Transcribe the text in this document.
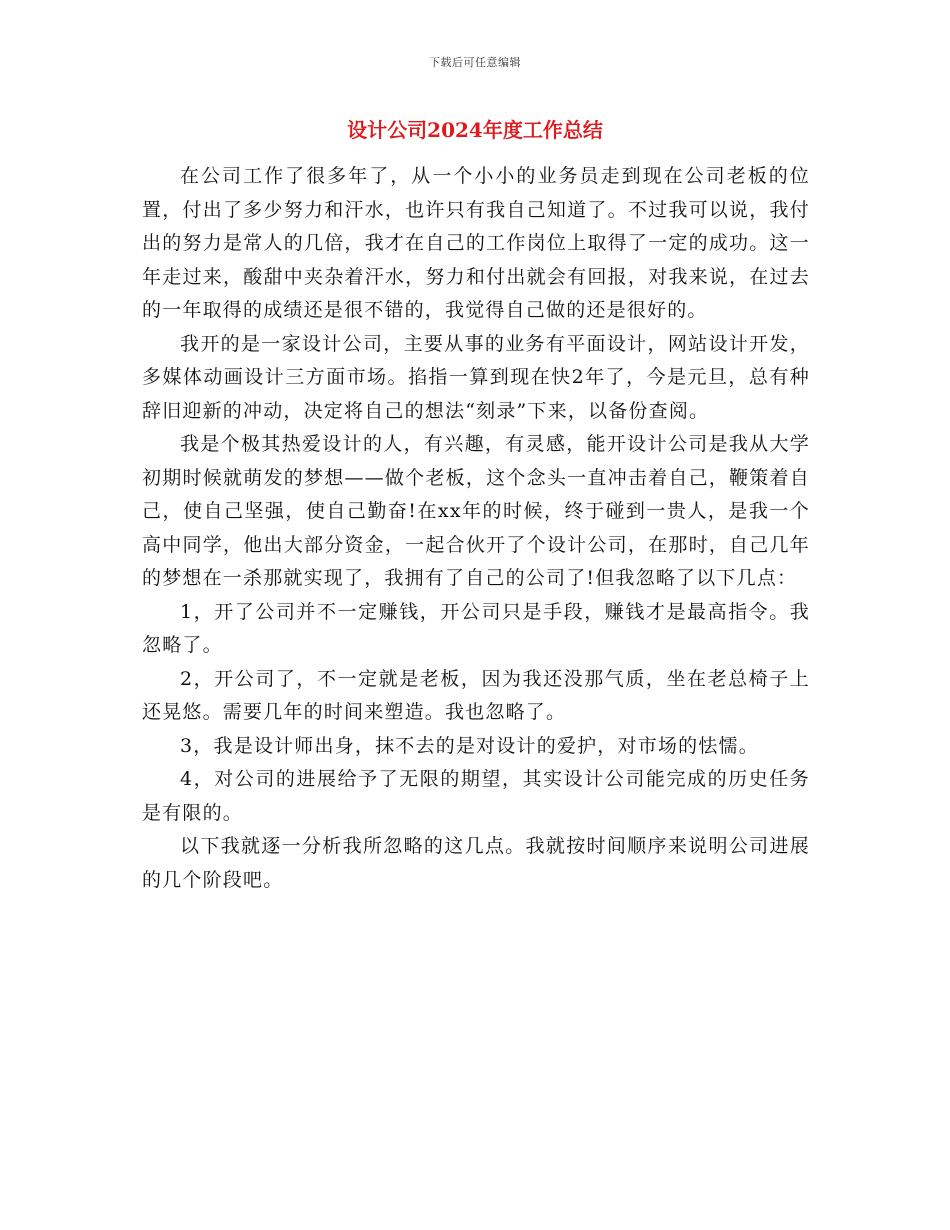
下载后可任意编辑
设计公司2024年度工作总结

在公司工作了很多年了，从一个小小的业务员走到现在公司老板的位置，付出了多少努力和汗水，也许只有我自己知道了。不过我可以说，我付出的努力是常人的几倍，我才在自己的工作岗位上取得了一定的成功。这一年走过来，酸甜中夹杂着汗水，努力和付出就会有回报，对我来说，在过去的一年取得的成绩还是很不错的，我觉得自己做的还是很好的。

我开的是一家设计公司，主要从事的业务有平面设计，网站设计开发，多媒体动画设计三方面市场。掐指一算到现在快2年了，今是元旦，总有种辞旧迎新的冲动，决定将自己的想法“刻录”下来，以备份查阅。

我是个极其热爱设计的人，有兴趣，有灵感，能开设计公司是我从大学初期时候就萌发的梦想——做个老板，这个念头一直冲击着自己，鞭策着自己，使自己坚强，使自己勤奋!在xx年的时候，终于碰到一贵人，是我一个高中同学，他出大部分资金，一起合伙开了个设计公司，在那时，自己几年的梦想在一杀那就实现了，我拥有了自己的公司了!但我忽略了以下几点：

1，开了公司并不一定赚钱，开公司只是手段，赚钱才是最高指令。我忽略了。

2，开公司了，不一定就是老板，因为我还没那气质，坐在老总椅子上还晃悠。需要几年的时间来塑造。我也忽略了。

3，我是设计师出身，抹不去的是对设计的爱护，对市场的怯懦。

4，对公司的进展给予了无限的期望，其实设计公司能完成的历史任务是有限的。

以下我就逐一分析我所忽略的这几点。我就按时间顺序来说明公司进展的几个阶段吧。
